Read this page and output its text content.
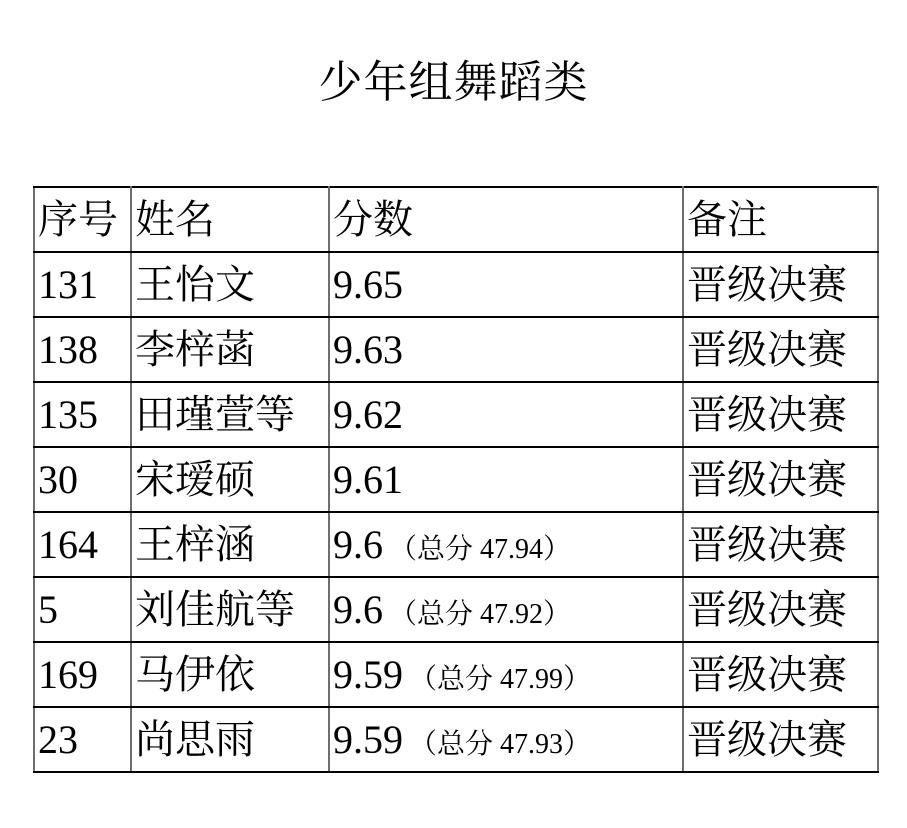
少年组舞蹈类
序号	姓名	分数	备注
131	王怡文	9.65	晋级决赛
138	李梓菡	9.63	晋级决赛
135	田瑾萱等	9.62	晋级决赛
30	宋瑷硕	9.61	晋级决赛
164	王梓涵	9.6 （总分 47.94）	晋级决赛
5	刘佳航等	9.6 （总分 47.92）	晋级决赛
169	马伊依	9.59 （总分 47.99）	晋级决赛
23	尚思雨	9.59 （总分 47.93）	晋级决赛
